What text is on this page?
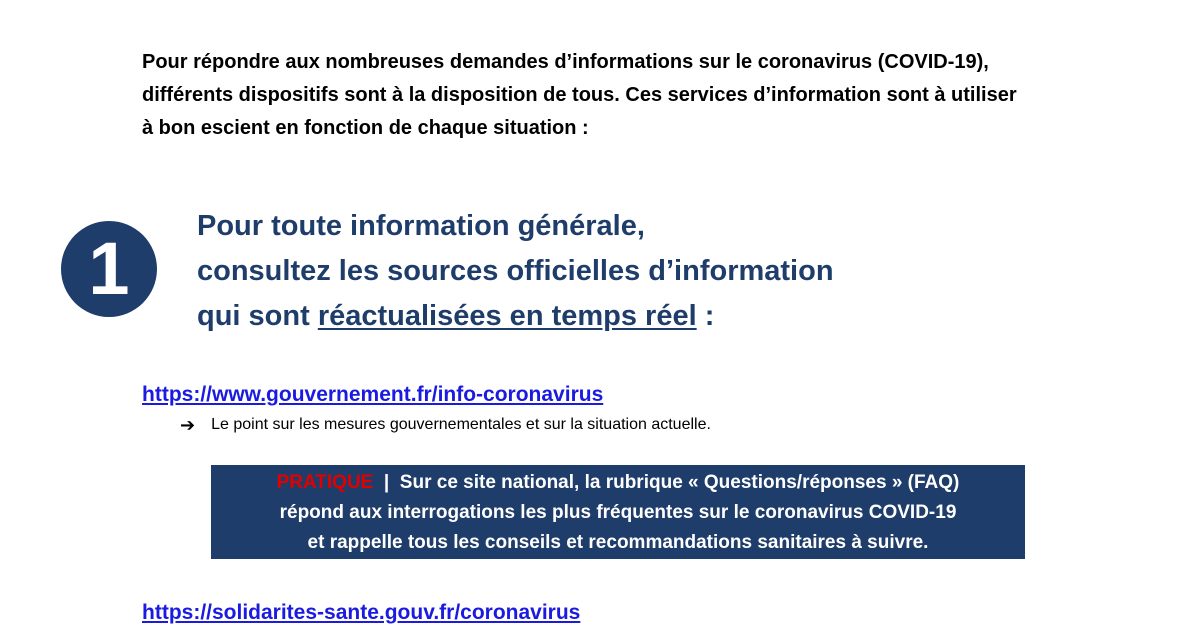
Pour répondre aux nombreuses demandes d’informations sur le coronavirus (COVID-19),
différents dispositifs sont à la disposition de tous. Ces services d’information sont à utiliser
à bon escient en fonction de chaque situation :

1
Pour toute information générale,
consultez les sources officielles d’information
qui sont réactualisées en temps réel :
https://www.gouvernement.fr/info-coronavirus
➔ Le point sur les mesures gouvernementales et sur la situation actuelle.
PRATIQUE  |  Sur ce site national, la rubrique « Questions/réponses » (FAQ)
répond aux interrogations les plus fréquentes sur le coronavirus COVID-19
et rappelle tous les conseils et recommandations sanitaires à suivre.
https://solidarites-sante.gouv.fr/coronavirus
